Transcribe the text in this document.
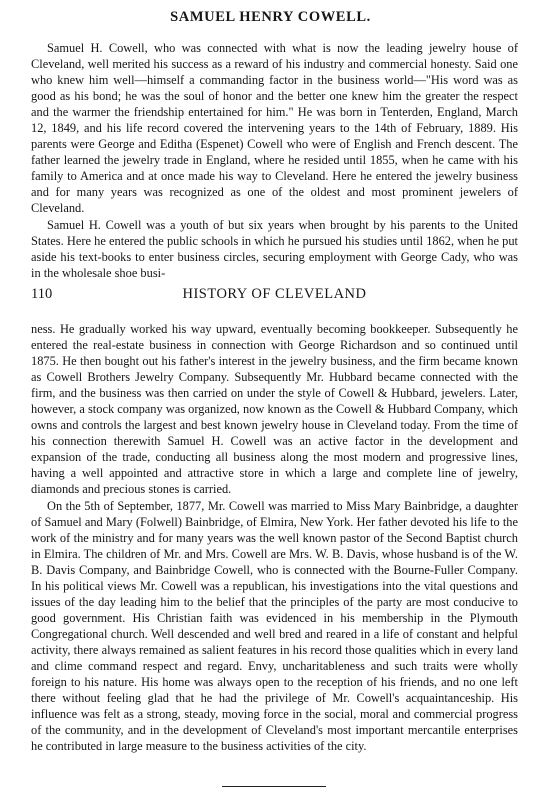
SAMUEL HENRY COWELL.

Samuel H. Cowell, who was connected with what is now the leading jewelry house of Cleveland, well merited his success as a reward of his industry and commercial honesty. Said one who knew him well—himself a commanding factor in the business world—"His word was as good as his bond; he was the soul of honor and the better one knew him the greater the respect and the warmer the friendship entertained for him." He was born in Tenterden, England, March 12, 1849, and his life record covered the intervening years to the 14th of February, 1889. His parents were George and Editha (Espenet) Cowell who were of English and French descent. The father learned the jewelry trade in England, where he resided until 1855, when he came with his family to America and at once made his way to Cleveland. Here he entered the jewelry business and for many years was recognized as one of the oldest and most prominent jewelers of Cleveland.

Samuel H. Cowell was a youth of but six years when brought by his parents to the United States. Here he entered the public schools in which he pursued his studies until 1862, when he put aside his text-books to enter business circles, securing employment with George Cady, who was in the wholesale shoe busi-

110	HISTORY OF CLEVELAND

ness. He gradually worked his way upward, eventually becoming bookkeeper. Subsequently he entered the real-estate business in connection with George Richardson and so continued until 1875. He then bought out his father's interest in the jewelry business, and the firm became known as Cowell Brothers Jewelry Company. Subsequently Mr. Hubbard became connected with the firm, and the business was then carried on under the style of Cowell & Hubbard, jewelers. Later, however, a stock company was organized, now known as the Cowell & Hubbard Company, which owns and controls the largest and best known jewelry house in Cleveland today. From the time of his connection therewith Samuel H. Cowell was an active factor in the development and expansion of the trade, conducting all business along the most modern and progressive lines, having a well appointed and attractive store in which a large and complete line of jewelry, diamonds and precious stones is carried.

On the 5th of September, 1877, Mr. Cowell was married to Miss Mary Bainbridge, a daughter of Samuel and Mary (Folwell) Bainbridge, of Elmira, New York. Her father devoted his life to the work of the ministry and for many years was the well known pastor of the Second Baptist church in Elmira. The children of Mr. and Mrs. Cowell are Mrs. W. B. Davis, whose husband is of the W. B. Davis Company, and Bainbridge Cowell, who is connected with the Bourne-Fuller Company. In his political views Mr. Cowell was a republican, his investigations into the vital questions and issues of the day leading him to the belief that the principles of the party are most conducive to good government. His Christian faith was evidenced in his membership in the Plymouth Congregational church. Well descended and well bred and reared in a life of constant and helpful activity, there always remained as salient features in his record those qualities which in every land and clime command respect and regard. Envy, uncharitableness and such traits were wholly foreign to his nature. His home was always open to the reception of his friends, and no one left there without feeling glad that he had the privilege of Mr. Cowell's acquaintanceship. His influence was felt as a strong, steady, moving force in the social, moral and commercial progress of the community, and in the development of Cleveland's most important mercantile enterprises he contributed in large measure to the business activities of the city.
